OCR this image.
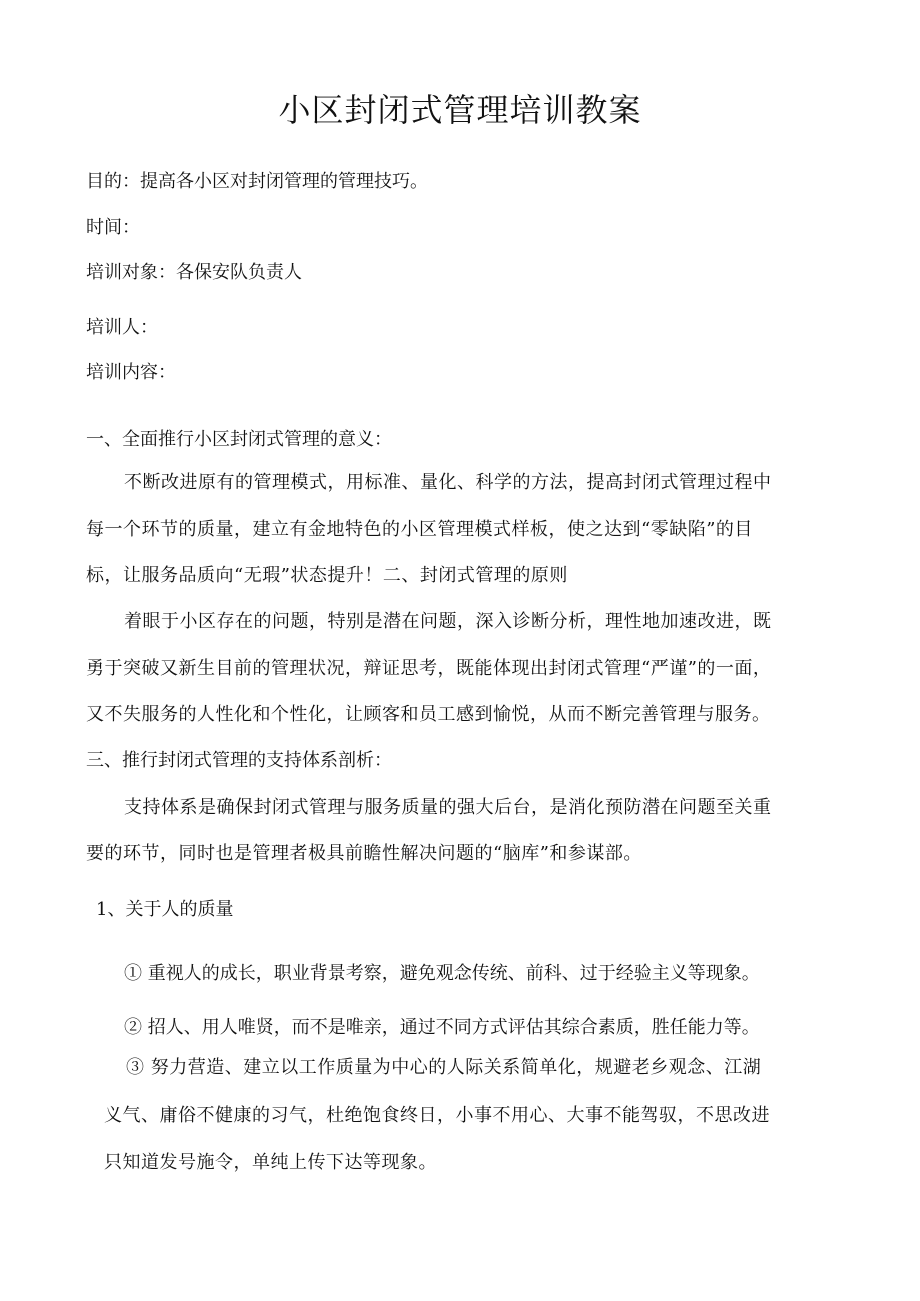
小区封闭式管理培训教案

目的：提高各小区对封闭管理的管理技巧。

时间：

培训对象：各保安队负责人

培训人：

培训内容：

一、全面推行小区封闭式管理的意义：

不断改进原有的管理模式，用标准、量化、科学的方法，提高封闭式管理过程中

每一个环节的质量，建立有金地特色的小区管理模式样板，使之达到“零缺陷”的目

标，让服务品质向“无瑕”状态提升！二、封闭式管理的原则

着眼于小区存在的问题，特别是潜在问题，深入诊断分析，理性地加速改进，既

勇于突破又新生目前的管理状况，辩证思考，既能体现出封闭式管理“严谨”的一面，

又不失服务的人性化和个性化，让顾客和员工感到愉悦，从而不断完善管理与服务。

三、推行封闭式管理的支持体系剖析：

支持体系是确保封闭式管理与服务质量的强大后台，是消化预防潜在问题至关重

要的环节，同时也是管理者极具前瞻性解决问题的“脑库”和参谋部。

1、关于人的质量

① 重视人的成长，职业背景考察，避免观念传统、前科、过于经验主义等现象。

② 招人、用人唯贤，而不是唯亲，通过不同方式评估其综合素质，胜任能力等。

③ 努力营造、建立以工作质量为中心的人际关系简单化，规避老乡观念、江湖

义气、庸俗不健康的习气，杜绝饱食终日，小事不用心、大事不能驾驭，不思改进

只知道发号施令，单纯上传下达等现象。
